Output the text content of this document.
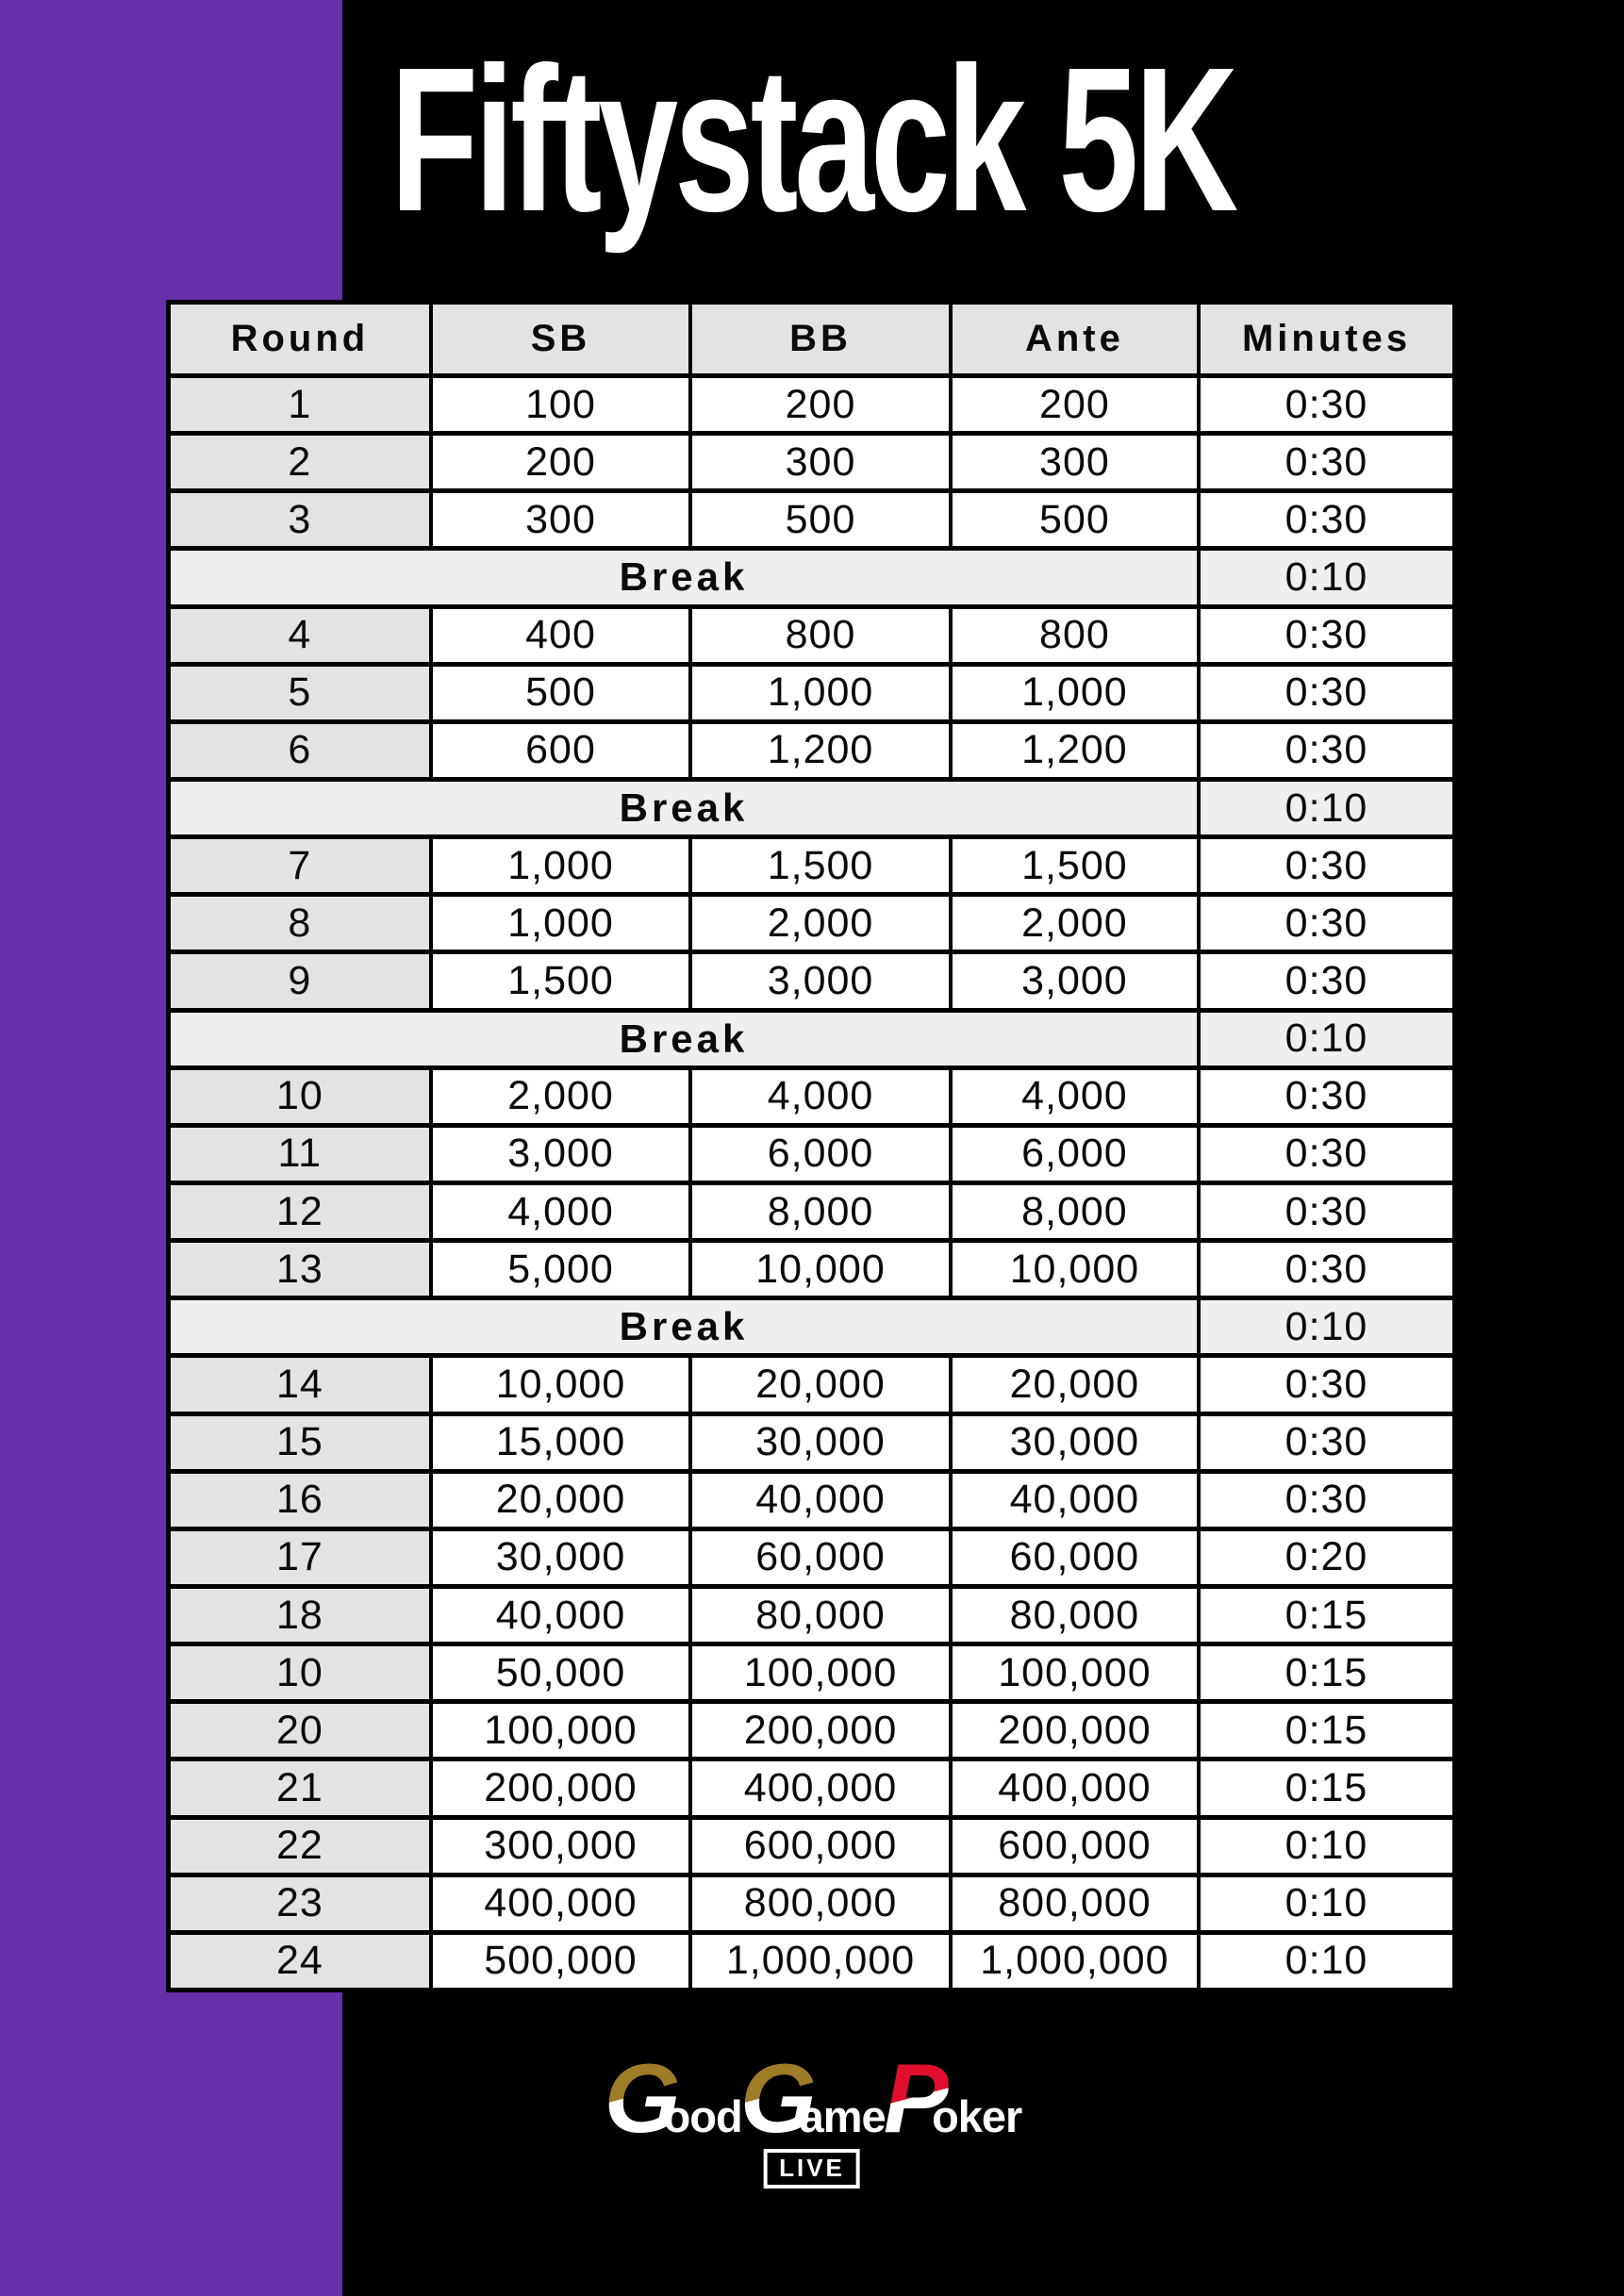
Fiftystack 5K
Round	SB	BB	Ante	Minutes
1	100	200	200	0:30
2	200	300	300	0:30
3	300	500	500	0:30
Break				0:10
4	400	800	800	0:30
5	500	1,000	1,000	0:30
6	600	1,200	1,200	0:30
Break				0:10
7	1,000	1,500	1,500	0:30
8	1,000	2,000	2,000	0:30
9	1,500	3,000	3,000	0:30
Break				0:10
10	2,000	4,000	4,000	0:30
11	3,000	6,000	6,000	0:30
12	4,000	8,000	8,000	0:30
13	5,000	10,000	10,000	0:30
Break				0:10
14	10,000	20,000	20,000	0:30
15	15,000	30,000	30,000	0:30
16	20,000	40,000	40,000	0:30
17	30,000	60,000	60,000	0:20
18	40,000	80,000	80,000	0:15
10	50,000	100,000	100,000	0:15
20	100,000	200,000	200,000	0:15
21	200,000	400,000	400,000	0:15
22	300,000	600,000	600,000	0:10
23	400,000	800,000	800,000	0:10
24	500,000	1,000,000	1,000,000	0:10
G
ood
G
ame
P
oker
LIVE
